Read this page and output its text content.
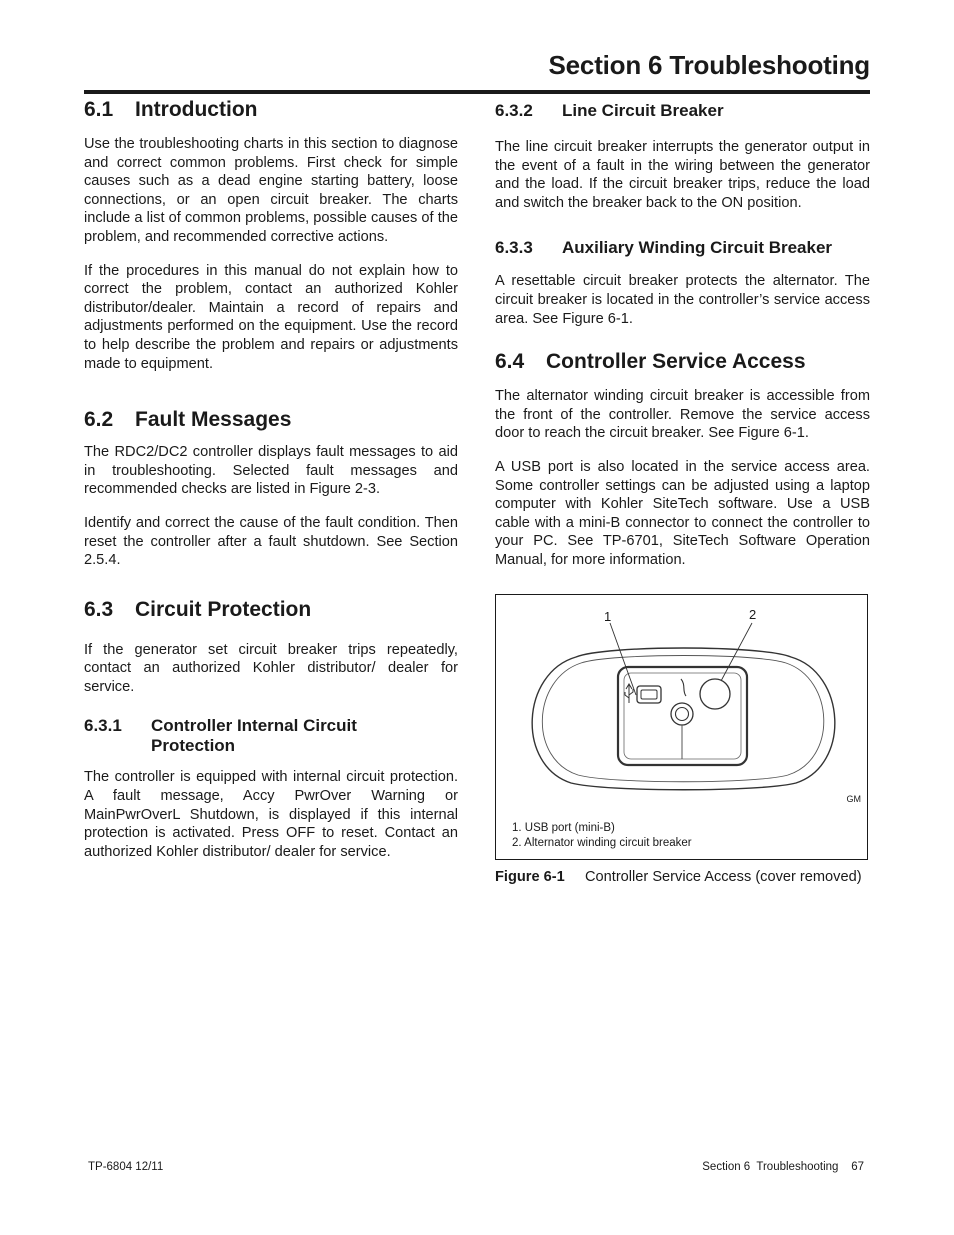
Section 6 Troubleshooting
6.1	Introduction

Use the troubleshooting charts in this section to diagnose and correct common problems. First check for simple causes such as a dead engine starting battery, loose connections, or an open circuit breaker. The charts include a list of common problems, possible causes of the problem, and recommended corrective actions.

If the procedures in this manual do not explain how to correct the problem, contact an authorized Kohler distributor/dealer. Maintain a record of repairs and adjustments performed on the equipment. Use the record to help describe the problem and repairs or adjustments made to equipment.

6.2	Fault Messages

The RDC2/DC2 controller displays fault messages to aid in troubleshooting. Selected fault messages and recommended checks are listed in Figure 2-3.

Identify and correct the cause of the fault condition. Then reset the controller after a fault shutdown. See Section 2.5.4.

6.3	Circuit Protection

If the generator set circuit breaker trips repeatedly, contact an authorized Kohler distributor/ dealer for service.

6.3.1	Controller Internal Circuit
Protection

The controller is equipped with internal circuit protection. A fault message, Accy PwrOver Warning or MainPwrOverL Shutdown, is displayed if this internal protection is activated. Press OFF to reset. Contact an authorized Kohler distributor/ dealer for service.

6.3.2	Line Circuit Breaker

The line circuit breaker interrupts the generator output in the event of a fault in the wiring between the generator and the load. If the circuit breaker trips, reduce the load and switch the breaker back to the ON position.

6.3.3	Auxiliary Winding Circuit Breaker

A resettable circuit breaker protects the alternator. The circuit breaker is located in the controller’s service access area. See Figure 6-1.

6.4	Controller Service Access

The alternator winding circuit breaker is accessible from the front of the controller. Remove the service access door to reach the circuit breaker. See Figure 6-1.

A USB port is also located in the service access area. Some controller settings can be adjusted using a laptop computer with Kohler SiteTech software. Use a USB cable with a mini-B connector to connect the controller to your PC. See TP-6701, SiteTech Software Operation Manual, for more information.

1	2
GM
1. USB port (mini-B)
2. Alternator winding circuit breaker
Figure 6-1	Controller Service Access (cover removed)
TP-6804 12/11	Section 6  Troubleshooting    67
